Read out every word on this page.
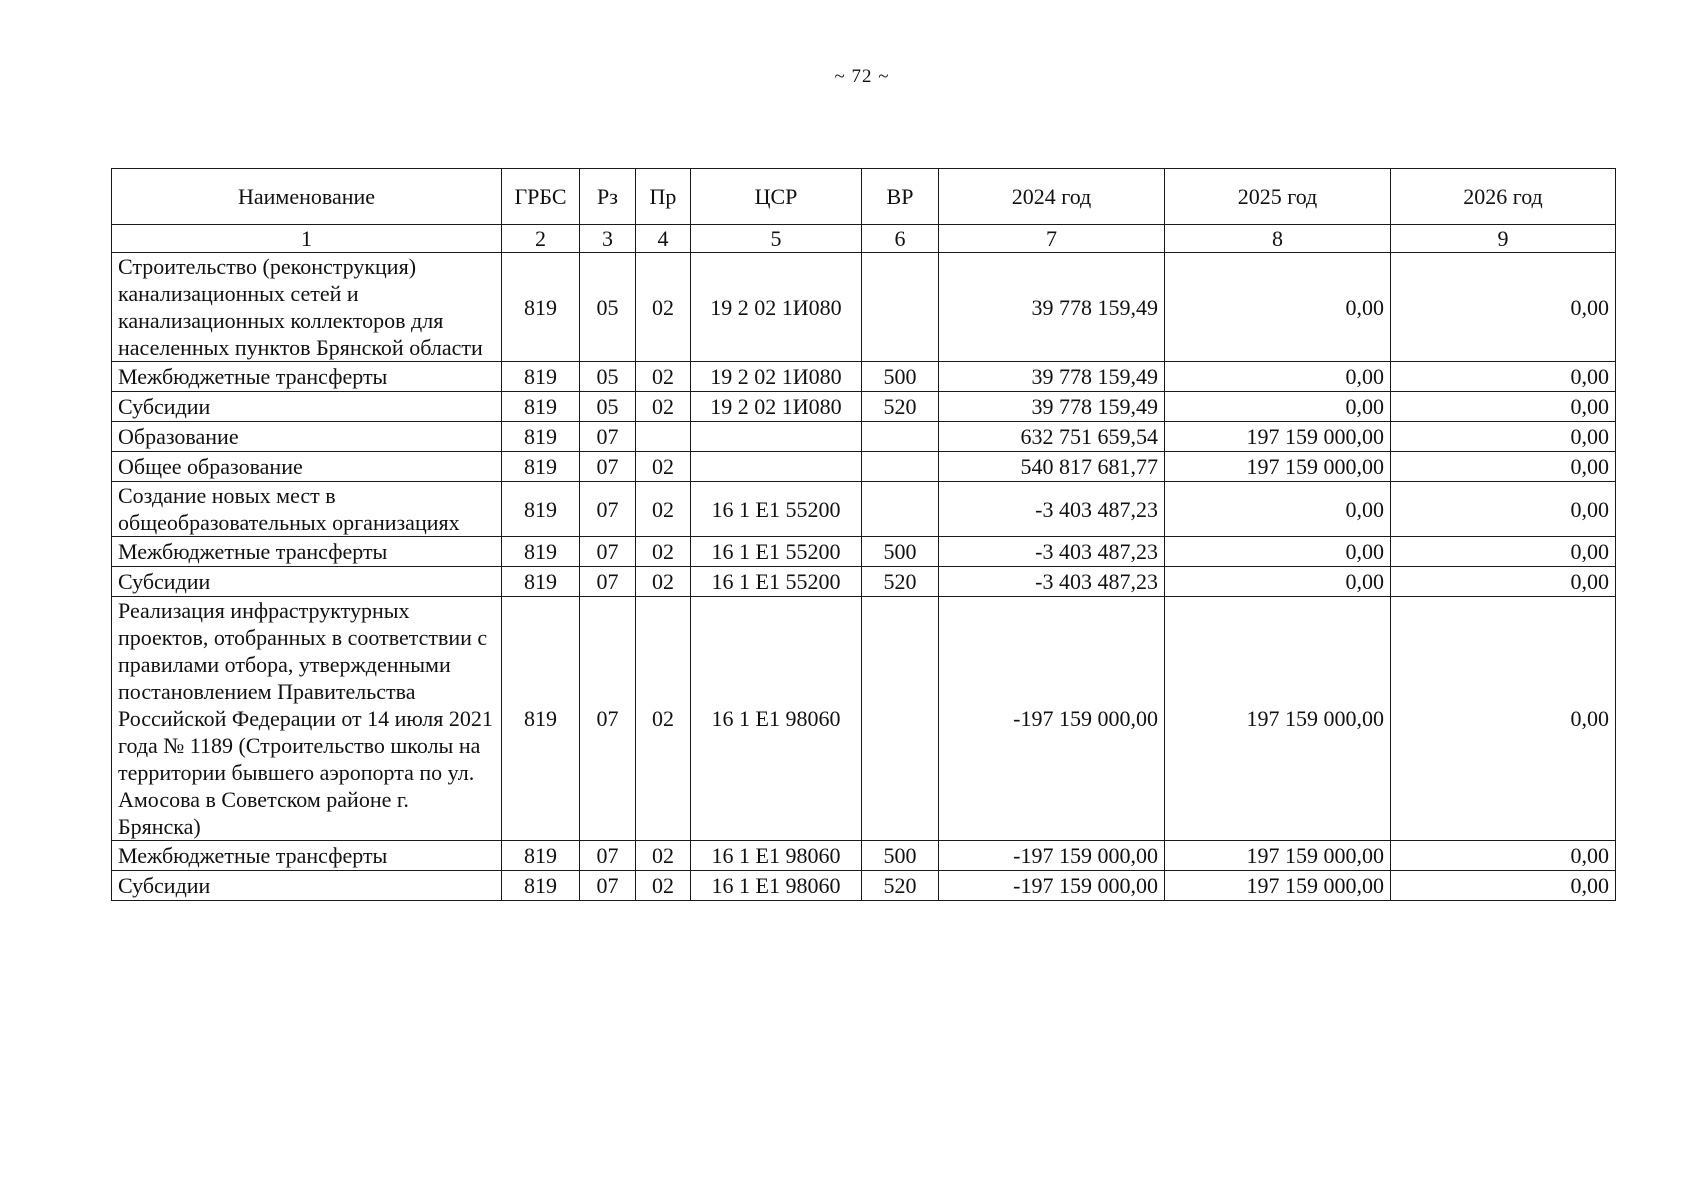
~ 72 ~
Наименование	ГРБС	Рз	Пр	ЦСР	ВР	2024 год	2025 год	2026 год
1	2	3	4	5	6	7	8	9
Строительство (реконструкция) канализационных сетей и канализационных коллекторов для населенных пунктов Брянской области	819	05	02	19 2 02 1И080		39 778 159,49	0,00	0,00
Межбюджетные трансферты	819	05	02	19 2 02 1И080	500	39 778 159,49	0,00	0,00
Субсидии	819	05	02	19 2 02 1И080	520	39 778 159,49	0,00	0,00
Образование	819	07				632 751 659,54	197 159 000,00	0,00
Общее образование	819	07	02			540 817 681,77	197 159 000,00	0,00
Создание новых мест в общеобразовательных организациях	819	07	02	16 1 E1 55200		-3 403 487,23	0,00	0,00
Межбюджетные трансферты	819	07	02	16 1 E1 55200	500	-3 403 487,23	0,00	0,00
Субсидии	819	07	02	16 1 E1 55200	520	-3 403 487,23	0,00	0,00
Реализация инфраструктурных проектов, отобранных в соответствии с правилами отбора, утвержденными постановлением Правительства Российской Федерации от 14 июля 2021 года № 1189 (Строительство школы на территории бывшего аэропорта по ул. Амосова в Советском районе г. Брянска)	819	07	02	16 1 E1 98060		-197 159 000,00	197 159 000,00	0,00
Межбюджетные трансферты	819	07	02	16 1 E1 98060	500	-197 159 000,00	197 159 000,00	0,00
Субсидии	819	07	02	16 1 E1 98060	520	-197 159 000,00	197 159 000,00	0,00
